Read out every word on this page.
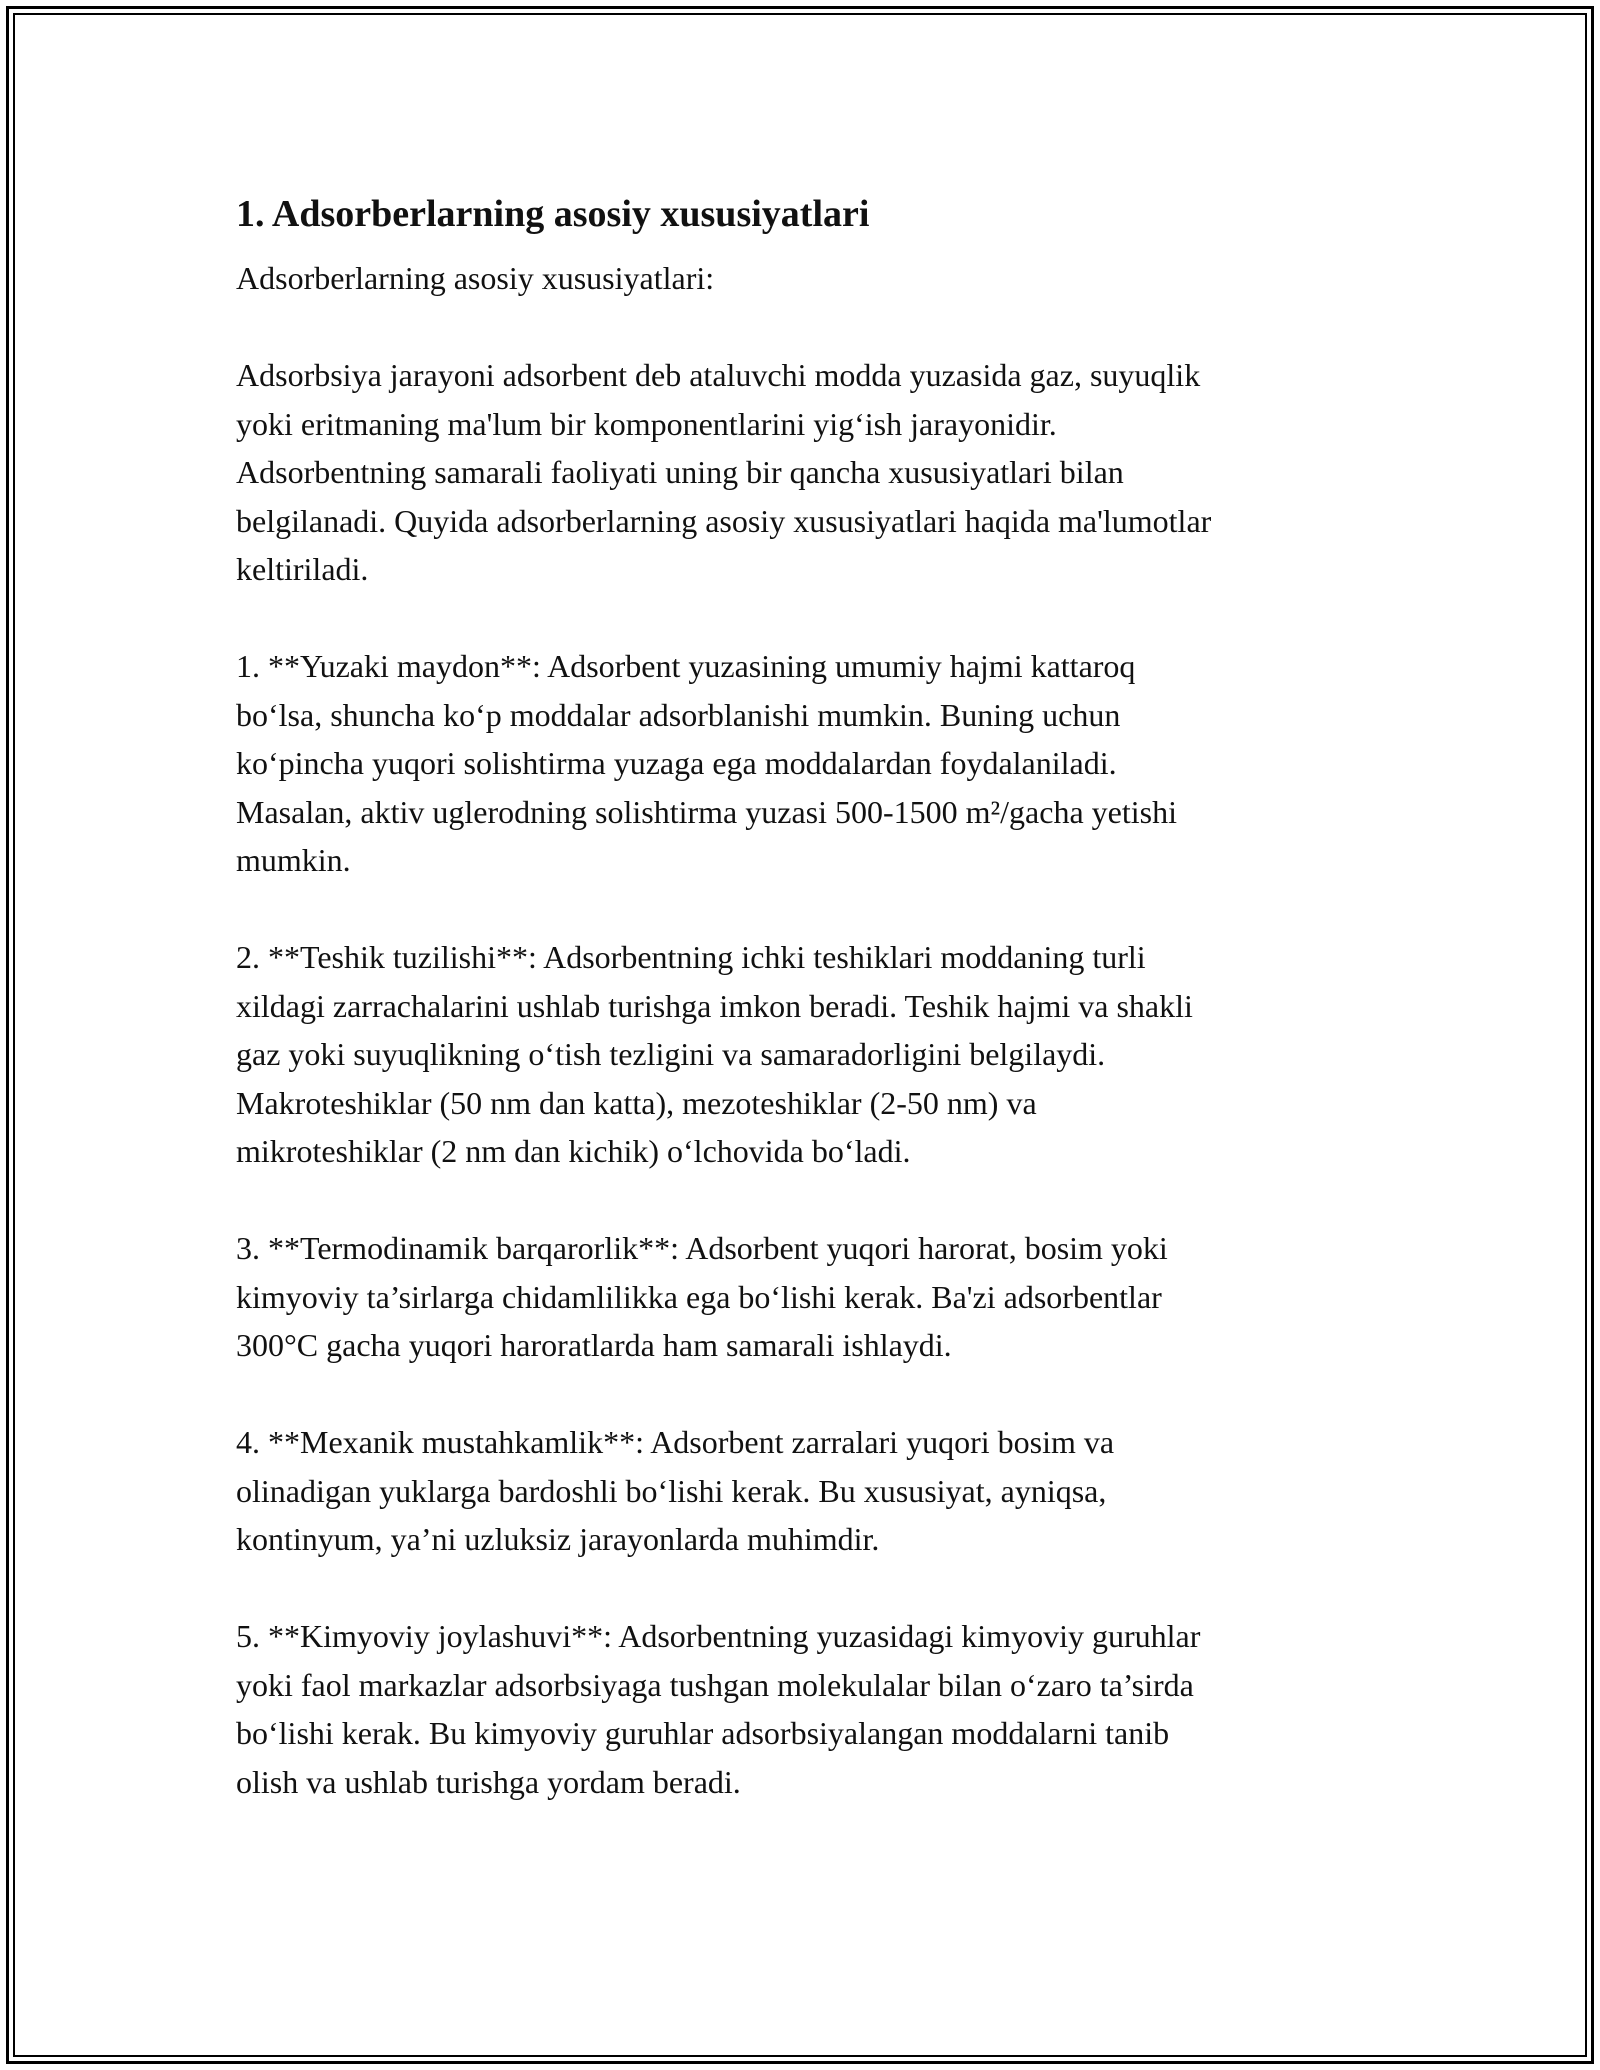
1. Adsorberlarning asosiy xususiyatlari

Adsorberlarning asosiy xususiyatlari:

Adsorbsiya jarayoni adsorbent deb ataluvchi modda yuzasida gaz, suyuqlik
yoki eritmaning ma'lum bir komponentlarini yig‘ish jarayonidir.
Adsorbentning samarali faoliyati uning bir qancha xususiyatlari bilan
belgilanadi. Quyida adsorberlarning asosiy xususiyatlari haqida ma'lumotlar
keltiriladi.

1. **Yuzaki maydon**: Adsorbent yuzasining umumiy hajmi kattaroq
bo‘lsa, shuncha ko‘p moddalar adsorblanishi mumkin. Buning uchun
ko‘pincha yuqori solishtirma yuzaga ega moddalardan foydalaniladi.
Masalan, aktiv uglerodning solishtirma yuzasi 500-1500 m²/gacha yetishi
mumkin.

2. **Teshik tuzilishi**: Adsorbentning ichki teshiklari moddaning turli
xildagi zarrachalarini ushlab turishga imkon beradi. Teshik hajmi va shakli
gaz yoki suyuqlikning o‘tish tezligini va samaradorligini belgilaydi.
Makroteshiklar (50 nm dan katta), mezoteshiklar (2-50 nm) va
mikroteshiklar (2 nm dan kichik) o‘lchovida bo‘ladi.

3. **Termodinamik barqarorlik**: Adsorbent yuqori harorat, bosim yoki
kimyoviy ta’sirlarga chidamlilikka ega bo‘lishi kerak. Ba'zi adsorbentlar
300°C gacha yuqori haroratlarda ham samarali ishlaydi.

4. **Mexanik mustahkamlik**: Adsorbent zarralari yuqori bosim va
olinadigan yuklarga bardoshli bo‘lishi kerak. Bu xususiyat, ayniqsa,
kontinyum, ya’ni uzluksiz jarayonlarda muhimdir.

5. **Kimyoviy joylashuvi**: Adsorbentning yuzasidagi kimyoviy guruhlar
yoki faol markazlar adsorbsiyaga tushgan molekulalar bilan o‘zaro ta’sirda
bo‘lishi kerak. Bu kimyoviy guruhlar adsorbsiyalangan moddalarni tanib
olish va ushlab turishga yordam beradi.
